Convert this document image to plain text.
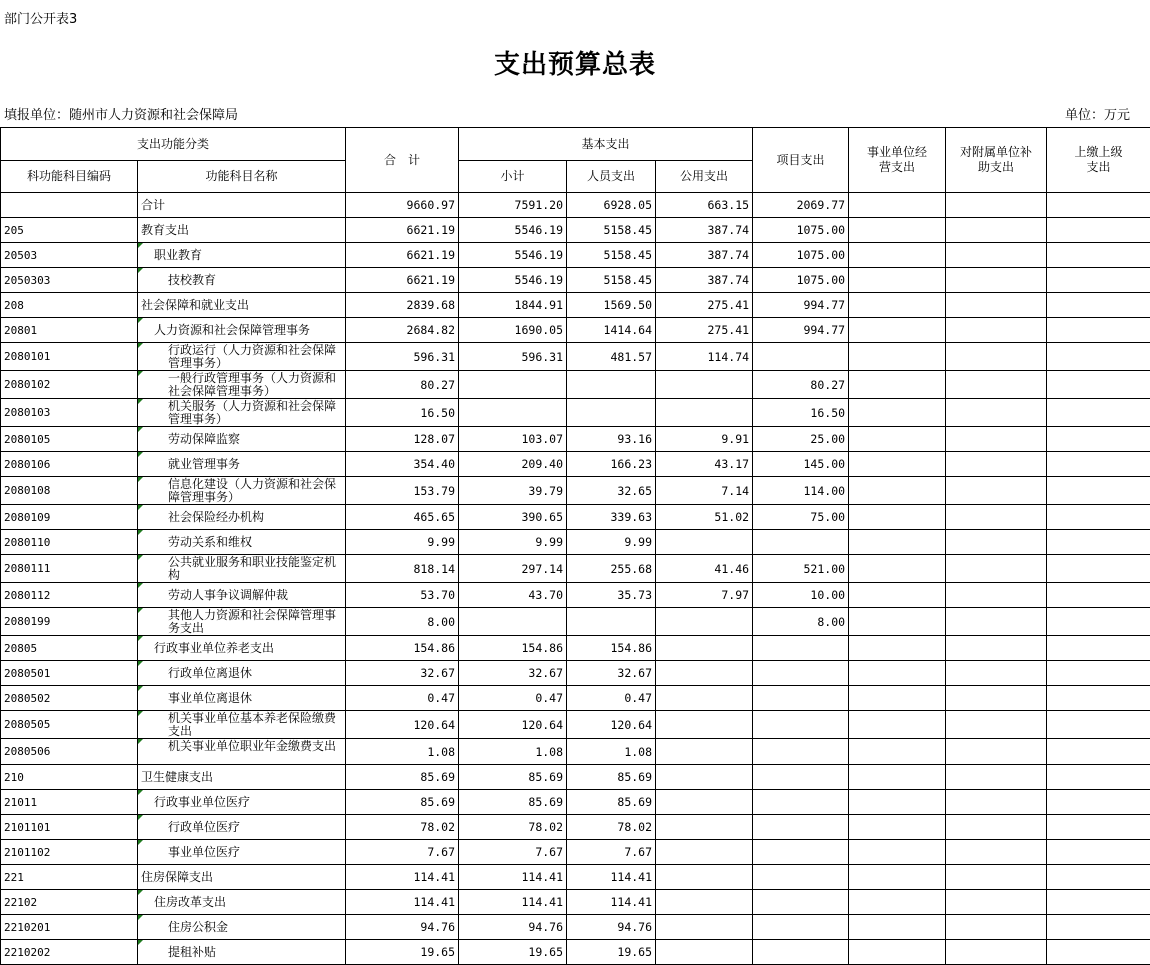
部门公开表3
支出预算总表
填报单位：随州市人力资源和社会保障局	单位：万元
支出功能分类		合　计	基本支出			项目支出	事业单位经营支出	对附属单位补助支出	上缴上级支出
科功能科目编码	功能科目名称		小计	人员支出	公用支出				
	合计	9660.97	7591.20	6928.05	663.15	2069.77			
205	教育支出	6621.19	5546.19	5158.45	387.74	1075.00			
20503	职业教育	6621.19	5546.19	5158.45	387.74	1075.00			
2050303	技校教育	6621.19	5546.19	5158.45	387.74	1075.00			
208	社会保障和就业支出	2839.68	1844.91	1569.50	275.41	994.77			
20801	人力资源和社会保障管理事务	2684.82	1690.05	1414.64	275.41	994.77			
2080101	行政运行（人力资源和社会保障管理事务）	596.31	596.31	481.57	114.74				
2080102	一般行政管理事务（人力资源和社会保障管理事务）	80.27				80.27			
2080103	机关服务（人力资源和社会保障管理事务）	16.50				16.50			
2080105	劳动保障监察	128.07	103.07	93.16	9.91	25.00			
2080106	就业管理事务	354.40	209.40	166.23	43.17	145.00			
2080108	信息化建设（人力资源和社会保障管理事务）	153.79	39.79	32.65	7.14	114.00			
2080109	社会保险经办机构	465.65	390.65	339.63	51.02	75.00			
2080110	劳动关系和维权	9.99	9.99	9.99					
2080111	公共就业服务和职业技能鉴定机构	818.14	297.14	255.68	41.46	521.00			
2080112	劳动人事争议调解仲裁	53.70	43.70	35.73	7.97	10.00			
2080199	其他人力资源和社会保障管理事务支出	8.00				8.00			
20805	行政事业单位养老支出	154.86	154.86	154.86					
2080501	行政单位离退休	32.67	32.67	32.67					
2080502	事业单位离退休	0.47	0.47	0.47					
2080505	机关事业单位基本养老保险缴费支出	120.64	120.64	120.64					
2080506	机关事业单位职业年金缴费支出	1.08	1.08	1.08					
210	卫生健康支出	85.69	85.69	85.69					
21011	行政事业单位医疗	85.69	85.69	85.69					
2101101	行政单位医疗	78.02	78.02	78.02					
2101102	事业单位医疗	7.67	7.67	7.67					
221	住房保障支出	114.41	114.41	114.41					
22102	住房改革支出	114.41	114.41	114.41					
2210201	住房公积金	94.76	94.76	94.76					
2210202	提租补贴	19.65	19.65	19.65					
